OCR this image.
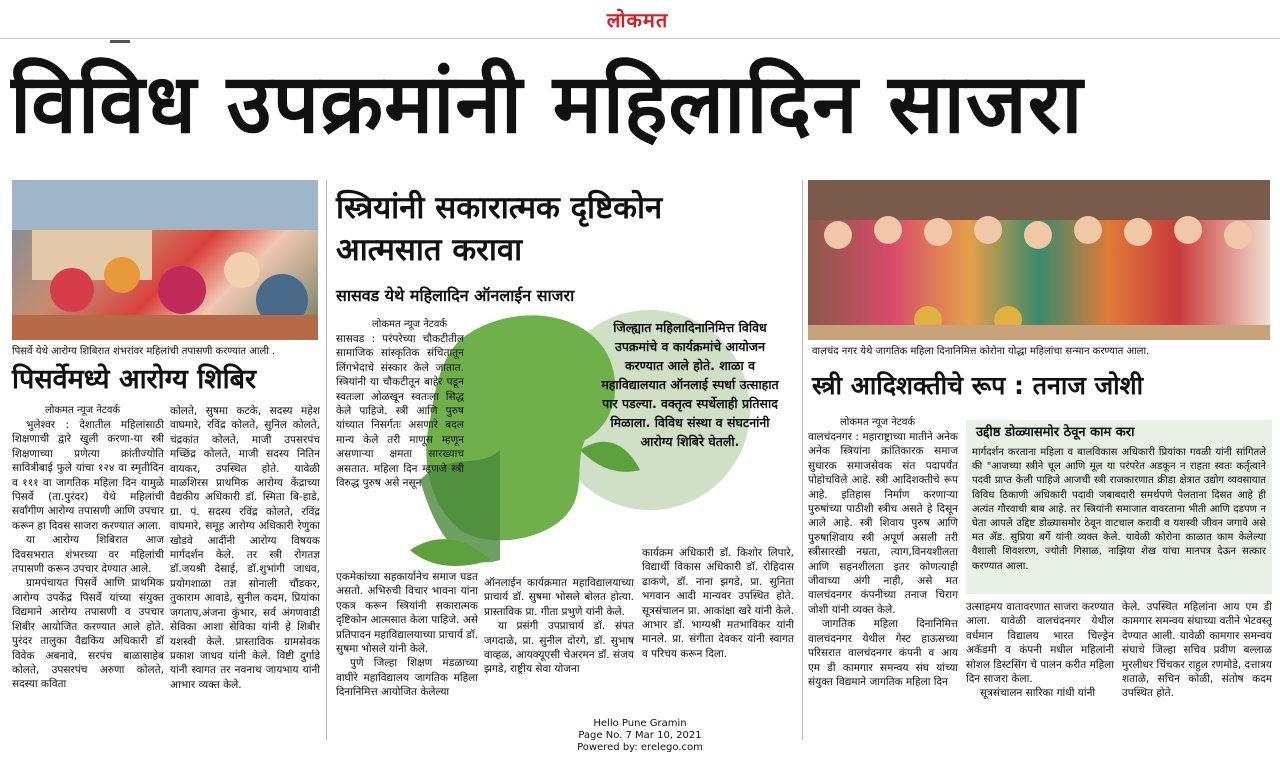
लोकमत
विविध उपक्रमांनी महिलादिन साजरा
पिसर्वे येथे आरोग्य शिबिरात शंभरांवर महिलांची तपासणी करण्यात आली .
पिसर्वेमध्ये आरोग्य शिबिर
लोकमत न्यूज नेटवर्क

भुलेश्वर : देशातील महिलांसाठी शिक्षणाची द्वारे खुली करणा-या स्त्री शिक्षणाच्या प्रणेत्या क्रांतीज्योति सावित्रीबाई फुले यांचा १२४ वा स्मृतीदिन व १११ वा जागतिक महिला दिन यामुळे पिसर्वे (ता.पुरंदर) येथे महिलांची सर्वांगीण आरोग्य तपासणी आणि उपचार करून हा दिवस साजरा करण्यात आला.

या आरोग्य शिबिरात आज दिवसभरात शंभरच्या वर महिलांची तपासणी करून उपचार देण्यात आले.

ग्रामपंचायत पिसर्वे आणि प्राथमिक आरोग्य उपकेंद्र पिसर्वे यांच्या संयुक्त विद्यमाने आरोग्य तपासणी व उपचार शिबीर आयोजित करण्यात आले होते. पुरंदर तालुका वैद्यकिय अधिकारी डॉ विवेक अबनावे, सरपंच बाळासाहेब कोलते, उपसरपंच अरुणा कोलते, सदस्या कविता

कोलते, सुषमा कटके, सदस्य महेश वाघमारे, रविंद्र कोलते, सुनिल कोलते, चंद्रकांत कोलते, माजी उपसरपंच मच्छिंद्र कोलते, माजी सदस्य नितिन वायकर, उपस्थित होते. यावेळी माळशिरस प्राथमिक आरोग्य केंद्राच्या वैद्यकीय अधिकारी डॉ. स्मिता बि-हाडे, ग्रा. पं. सदस्य रविंद्र कोलते, रविंद्र वाघमारे, समूह आरोग्य अधिकारी रेणुका खोडवे आदींनी आरोग्य विषयक मार्गदर्शन केले. तर स्त्री रोगतज्ञ डॉ.जयश्री देसाई, डॉ.शुभांगी जाधव, प्रयोगशाळा तज्ञ सोनाली चौंडकर, तुकाराम आवाडे, सुनील कदम, प्रियांका जगताप,अंजना कुंभार, सर्व अंगणवाडी सेविका आशा सेविका यांनी हे शिबीर यशस्वी केले. प्रास्ताविक ग्रामसेवक प्रकाश जाधव यांनी केले. विष्टी दुर्गाडे यांनी स्वागत तर नवनाथ जायभाय यांनी आभार व्यक्त केले.

स्त्रियांनी सकारात्मक दृष्टिकोन
आत्मसात करावा
सासवड येथे महिलादिन ऑनलाईन साजरा
लोकमत न्यूज नेटवर्क

सासवड : परंपरेच्या चौकटीतील सामाजिक सांस्कृतिक संचितातून लिंगभेदाचे संस्कार केले जातात. स्त्रियांनी या चौकटीतून बाहेर पडून स्वतःला ओळखून स्वतःला सिद्ध केले पाहिजे. स्त्री आणि पुरुष यांच्यात निसर्गतः असणारे बदल मान्य केले तरी माणूस म्हणून असणाऱ्या क्षमता सारख्याच असतात. महिला दिन म्हणजे स्त्री विरुद्ध पुरुष असे नसून

एकमेकांच्या सहकार्यानेच समाज घडत असतो. अभिरुची विचार भावना यांना एकत्र करून स्त्रियांनी सकारात्मक दृष्टिकोन आत्मसात केला पाहिजे. असे प्रतिपादन महाविद्यालयाच्या प्राचार्य डॉ. सुषमा भोसले यांनी केले.

पुणे जिल्हा शिक्षण मंडळाच्या वाघीरे महाविद्यालय जागतिक महिला दिनानिमित्त आयोजित केलेल्या

ऑनलाईन कार्यक्रमात महाविद्यालयाच्या प्राचार्य डॉ. सुषमा भोसले बोलत होत्या. प्रास्ताविक प्रा. गीता प्रभुणे यांनी केले.

या प्रसंगी उपप्राचार्य डॉ. संपत जगदाळे, प्रा. सुनील दोरगे, डॉ. सुभाष वाव्हळ, आयक्यूएसी चेअरमन डॉ. संजय झगडे, राष्ट्रीय सेवा योजना

कार्यक्रम अधिकारी डॉ. किशोर लिपारे, विद्यार्थी विकास अधिकारी डॉ. रोहिदास ढाकणे, डॉ. नाना झगडे, प्रा. सुनिता भगवान आदी मान्यवर उपस्थित होते. सूत्रसंचालन प्रा. आकांक्षा खरे यांनी केले. आभार डॉ. भाग्यश्री मतभाविकर यांनी मानले. प्रा. संगीता देवकर यांनी स्वागत व परिचय करून दिला.

जिल्ह्यात महिलादिनानिमित्त विविध उपक्रमांचे व कार्यक्रमांचे आयोजन करण्यात आले होते. शाळा व महाविद्यालयात ऑनलाई स्पर्धा उत्साहात पार पडल्या. वक्तृत्व स्पर्धेलाही प्रतिसाद मिळाला. विविध संस्था व संघटनांनी आरोग्य शिबिरे घेतली.
वालचंद नगर येथे जागतिक महिला दिनानिमित्त कोरोना योद्धा महिलांचा सन्मान करण्यात आला.
स्त्री आदिशक्तीचे रूप : तनाज जोशी
लोकमत न्यूज नेटवर्क

वालचंदनगर : महाराष्ट्राच्या मातीने अनेक अनेक स्त्रियांना क्रांतिकारक समाज सुधारक समाजसेवक संत पदापर्यंत पोहोचविले आहे. स्त्री आदिशक्तीचे रूप आहे. इतिहास निर्माण करणाऱ्या पुरुषांच्या पाठीशी स्त्रीच असते हे दिसून आले आहे. स्त्री शिवाय पुरुष आणि पुरुषाशिवाय स्त्री अपूर्ण असली तरी स्त्रीसारखी नम्रता, त्याग,विनयशीलता आणि सहनशीलता इतर कोणत्याही जीवाच्या अंगी नाही, असे मत वालचंदनगर कंपनीच्या तनाज चिराग जोशी यांनी व्यक्त केले.

जागतिक महिला दिनानिमित्त वालचंदनगर येथील गेस्ट हाऊसच्या परिसरात वालचंदनगर कंपनी व आय एम डी कामगार समन्वय संघ यांच्या संयुक्त विद्यमाने जागतिक महिला दिन

उद्दीष्ठ डोळ्यासमोर ठेवून काम करा
मार्गदर्शन करताना महिला व बालविकास अधिकारी प्रियांका गवळी यांनी सांगितले की "आजच्या स्त्रीने चूल आणि मूल या परंपरेत अडकून न राहता स्वतः कर्तृत्वाने पदवी प्राप्त केली पाहिजे आजची स्त्री राजकारणात क्रीडा क्षेत्रात उद्योग व्यवसायात विविध ठिकाणी अधिकारी पदावी जबाबदारी समर्थपणे पेलताना दिसत आहे ही अत्यंत गौरवाची बाब आहे. तर स्त्रियांनी समाजात वावरताना भीती आणि दडपण न घेता आपले उद्दिष्ट डोळ्यासमोर ठेवून वाटचाल करावी व यशस्वी जीवन जगावे असे मत ॲड. सुप्रिया बर्गे यांनी व्यक्त केले. यावेळी कोरोना काळात काम केलेल्या वैशाली शिवशरण, ज्योती गिसाळ, नाझिया शेख यांचा मानपत्र देऊन सत्कार करण्यात आला.

उत्साहमय वातावरणात साजरा करण्यात आला. यावेळी वालचंदनगर येथील वर्धमान विद्यालय भारत चिल्ड्रेन अकॅडमी व कंपनी मधील महिलांनी सोशल डिस्टसिंग चे पालन करीत महिला दिन साजरा केला.

सूत्रसंचालन सारिका गांधी यांनी

केले. उपस्थित महिलांना आय एम डी कामगार समन्वय संघाच्या वतीने भेटवस्तू देण्यात आली. यावेळी कामगार समन्वय संघाचे जिल्हा सचिव प्रवीण बल्लाळ मुरलीधर चिंचकर राहुल रणमोडे, दत्तात्रय शताळे, सचिन कोळी, संतोष कदम उपस्थित होते.

Hello Pune Gramin
Page No. 7 Mar 10, 2021
Powered by: erelego.com
